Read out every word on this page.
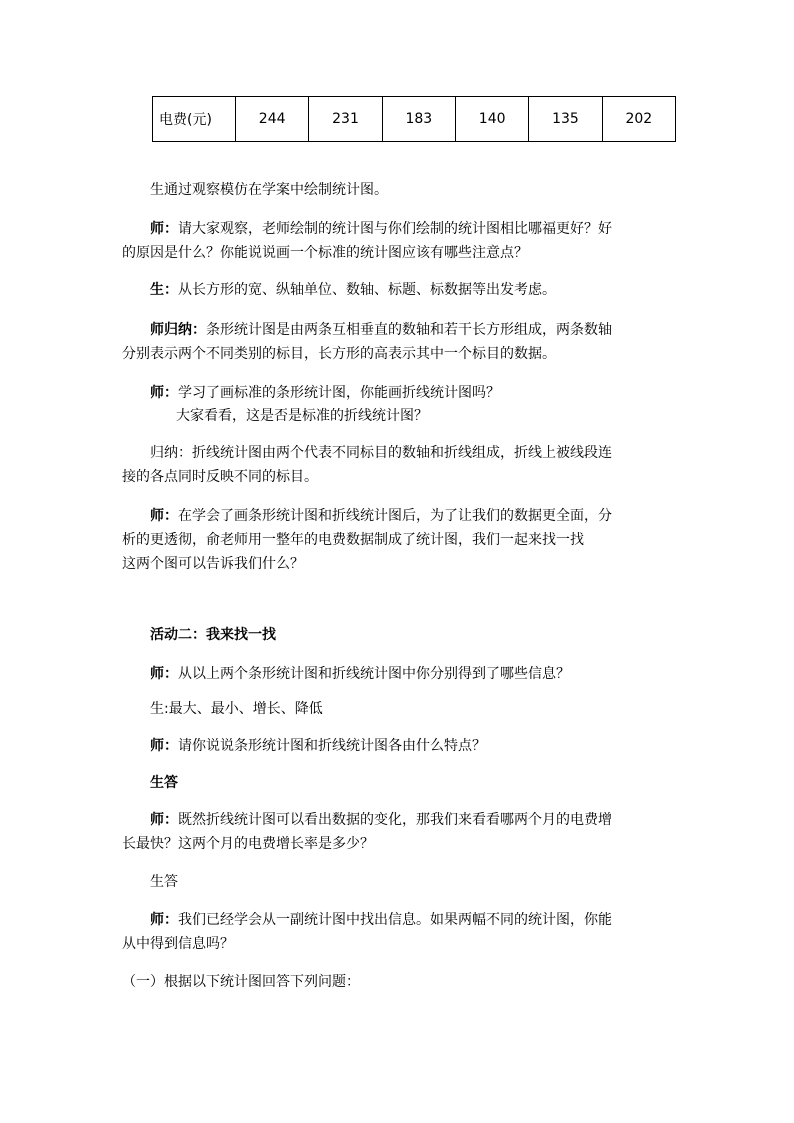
电费(元)	244	231	183	140	135	202
生通过观察模仿在学案中绘制统计图。
师：请大家观察，老师绘制的统计图与你们绘制的统计图相比哪福更好？好
的原因是什么？你能说说画一个标准的统计图应该有哪些注意点？
生：从长方形的宽、纵轴单位、数轴、标题、标数据等出发考虑。
师归纳：条形统计图是由两条互相垂直的数轴和若干长方形组成，两条数轴
分别表示两个不同类别的标目，长方形的高表示其中一个标目的数据。
师：学习了画标准的条形统计图，你能画折线统计图吗？
大家看看，这是否是标准的折线统计图？
归纳：折线统计图由两个代表不同标目的数轴和折线组成，折线上被线段连
接的各点同时反映不同的标目。
师：在学会了画条形统计图和折线统计图后，为了让我们的数据更全面，分
析的更透彻，俞老师用一整年的电费数据制成了统计图，我们一起来找一找
这两个图可以告诉我们什么？
活动二：我来找一找
师：从以上两个条形统计图和折线统计图中你分别得到了哪些信息？
生:最大、最小、增长、降低
师：请你说说条形统计图和折线统计图各由什么特点？
生答
师：既然折线统计图可以看出数据的变化，那我们来看看哪两个月的电费增
长最快？这两个月的电费增长率是多少？
生答
师：我们已经学会从一副统计图中找出信息。如果两幅不同的统计图，你能
从中得到信息吗？
（一）根据以下统计图回答下列问题：
